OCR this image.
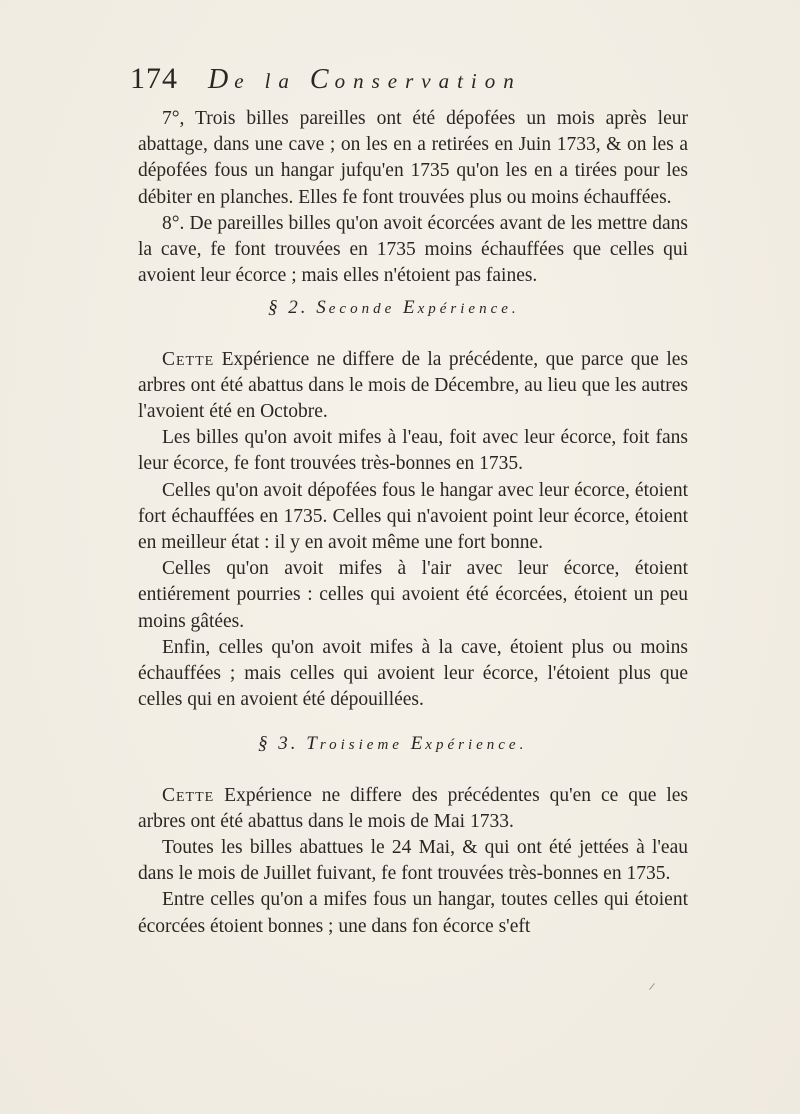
174 De la Conservation

7°, Trois billes pareilles ont été dépofées un mois après leur abattage, dans une cave ; on les en a retirées en Juin 1733, & on les a dépofées fous un hangar jufqu'en 1735 qu'on les en a tirées pour les débiter en planches. Elles fe font trouvées plus ou moins échauffées.

8°. De pareilles billes qu'on avoit écorcées avant de les mettre dans la cave, fe font trouvées en 1735 moins échauffées que celles qui avoient leur écorce ; mais elles n'étoient pas faines.

§ 2. Seconde Expérience.

Cette Expérience ne differe de la précédente, que parce que les arbres ont été abattus dans le mois de Décembre, au lieu que les autres l'avoient été en Octobre.

Les billes qu'on avoit mifes à l'eau, foit avec leur écorce, foit fans leur écorce, fe font trouvées très-bonnes en 1735.

Celles qu'on avoit dépofées fous le hangar avec leur écorce, étoient fort échauffées en 1735. Celles qui n'avoient point leur écorce, étoient en meilleur état : il y en avoit même une fort bonne.

Celles qu'on avoit mifes à l'air avec leur écorce, étoient entiérement pourries : celles qui avoient été écorcées, étoient un peu moins gâtées.

Enfin, celles qu'on avoit mifes à la cave, étoient plus ou moins échauffées ; mais celles qui avoient leur écorce, l'étoient plus que celles qui en avoient été dépouillées.

§ 3. Troisieme Expérience.

Cette Expérience ne differe des précédentes qu'en ce que les arbres ont été abattus dans le mois de Mai 1733.

Toutes les billes abattues le 24 Mai, & qui ont été jettées à l'eau dans le mois de Juillet fuivant, fe font trouvées très-bonnes en 1735.

Entre celles qu'on a mifes fous un hangar, toutes celles qui étoient écorcées étoient bonnes ; une dans fon écorce s'eft
